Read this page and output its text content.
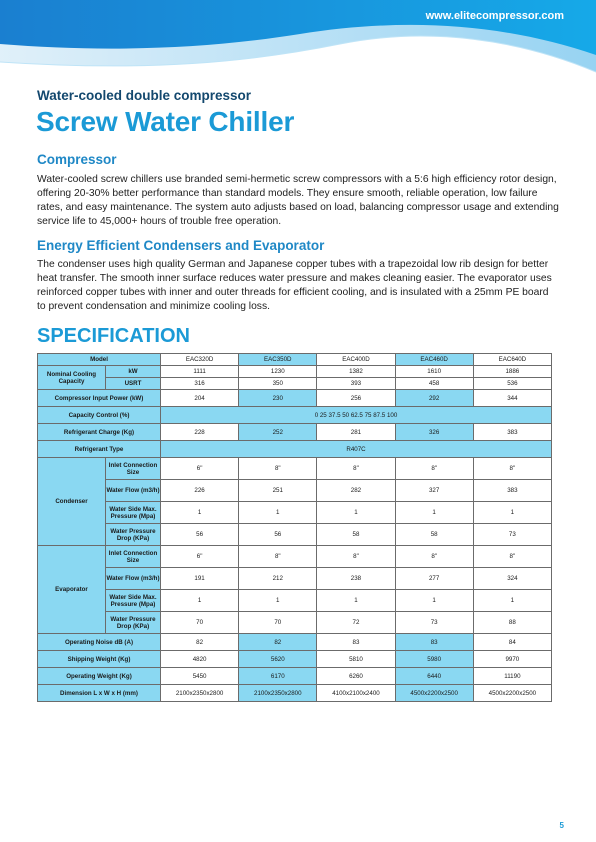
www.elitecompressor.com
Water-cooled double compressor
Screw Water Chiller
Compressor
Water-cooled screw chillers use branded semi-hermetic screw compressors with a 5:6 high efficiency rotor design, offering 20-30% better performance than standard models. They ensure smooth, reliable operation, low failure rates, and easy maintenance. The system auto adjusts based on load, balancing compressor usage and extending service life to 45,000+ hours of trouble free operation.
Energy Efficient Condensers and Evaporator
The condenser uses high quality German and Japanese copper tubes with a trapezoidal low rib design for better heat transfer. The smooth inner surface reduces water pressure and makes cleaning easier. The evaporator uses reinforced copper tubes with inner and outer threads for efficient cooling, and is insulated with a 25mm PE board to prevent condensation and minimize cooling loss.
SPECIFICATION
Model		EAC320D	EAC350D	EAC400D	EAC460D	EAC640D
Nominal Cooling Capacity	kW	1111	1230	1382	1610	1886
	USRT	316	350	393	458	536
Compressor Input Power (kW)		204	230	256	292	344
Capacity Control (%)		0 25 37.5 50 62.5 75 87.5 100				
Refrigerant Charge (Kg)		228	252	281	326	383
Refrigerant Type		R407C				
Condenser	Inlet Connection Size	6"	8"	8"	8"	8"
	Water Flow (m3/h)	226	251	282	327	383
	Water Side Max. Pressure (Mpa)	1	1	1	1	1
	Water Pressure Drop (KPa)	56	56	58	58	73
Evaporator	Inlet Connection Size	6"	8"	8"	8"	8"
	Water Flow (m3/h)	191	212	238	277	324
	Water Side Max. Pressure (Mpa)	1	1	1	1	1
	Water Pressure Drop (KPa)	70	70	72	73	88
Operating Noise dB (A)		82	82	83	83	84
Shipping Weight (Kg)		4820	5620	5810	5980	9970
Operating Weight (Kg)		5450	6170	6260	6440	11190
Dimension L x W x H (mm)		2100x2350x2800	2100x2350x2800	4100x2100x2400	4500x2200x2500	4500x2200x2500
5
